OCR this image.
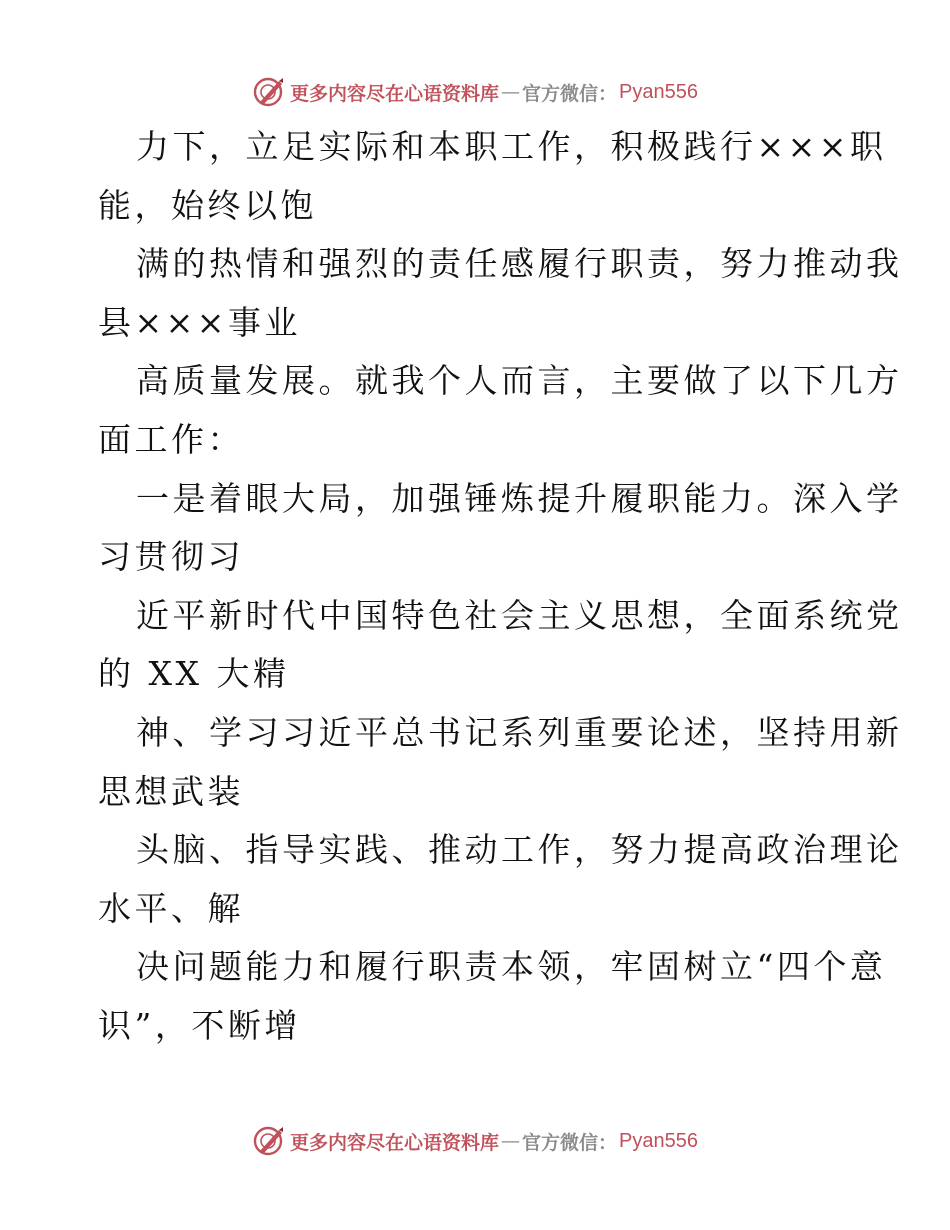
更多内容尽在心语资料库 — 官方微信： Pyan556

力下，立足实际和本职工作，积极践行×××职

能，始终以饱

满的热情和强烈的责任感履行职责，努力推动我

县×××事业

高质量发展。就我个人而言，主要做了以下几方

面工作：

一是着眼大局，加强锤炼提升履职能力。深入学

习贯彻习

近平新时代中国特色社会主义思想，全面系统党

的 XX 大精

神、学习习近平总书记系列重要论述，坚持用新

思想武装

头脑、指导实践、推动工作，努力提高政治理论

水平、解

决问题能力和履行职责本领，牢固树立“四个意

识”，不断增

更多内容尽在心语资料库 — 官方微信： Pyan556
